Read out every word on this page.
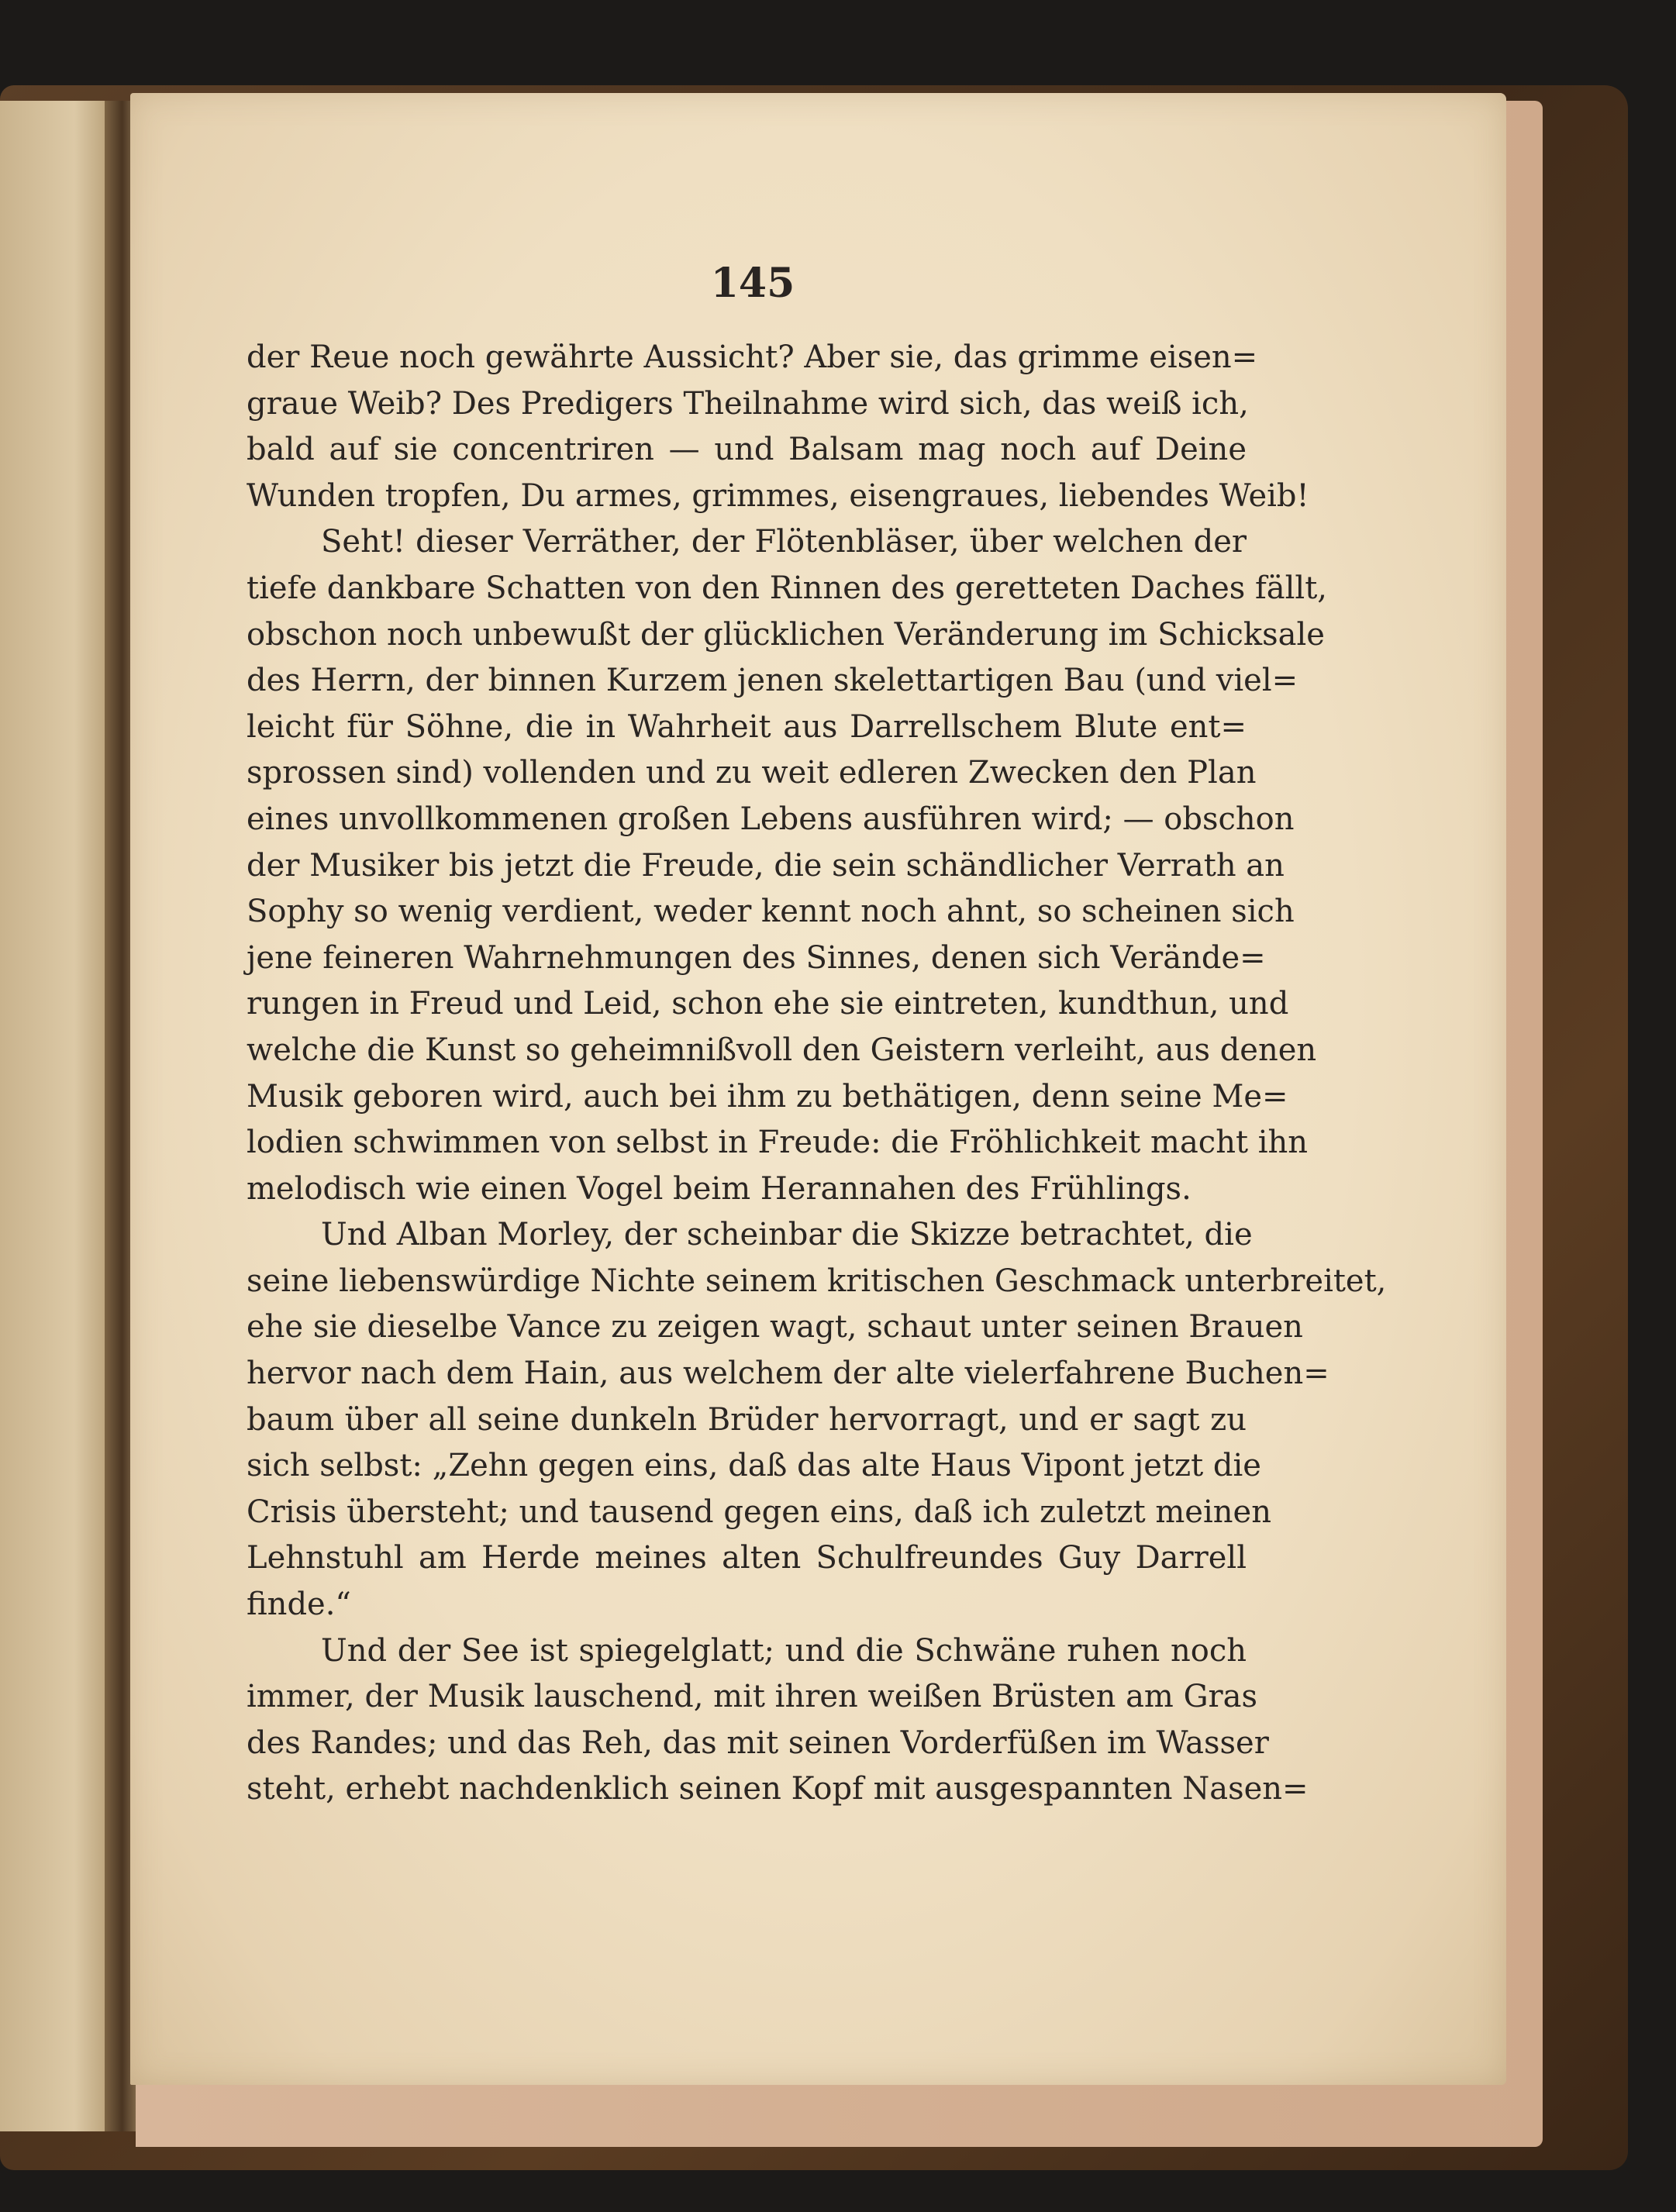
145

der Reue noch gewährte Aussicht? Aber sie, das grimme eisen=
graue Weib? Des Predigers Theilnahme wird sich, das weiß ich,
bald auf sie concentriren — und Balsam mag noch auf Deine
Wunden tropfen, Du armes, grimmes, eisengraues, liebendes Weib!
Seht! dieser Verräther, der Flötenbläser, über welchen der
tiefe dankbare Schatten von den Rinnen des geretteten Daches fällt,
obschon noch unbewußt der glücklichen Veränderung im Schicksale
des Herrn, der binnen Kurzem jenen skelettartigen Bau (und viel=
leicht für Söhne, die in Wahrheit aus Darrellschem Blute ent=
sprossen sind) vollenden und zu weit edleren Zwecken den Plan
eines unvollkommenen großen Lebens ausführen wird; — obschon
der Musiker bis jetzt die Freude, die sein schändlicher Verrath an
Sophy so wenig verdient, weder kennt noch ahnt, so scheinen sich
jene feineren Wahrnehmungen des Sinnes, denen sich Verände=
rungen in Freud und Leid, schon ehe sie eintreten, kundthun, und
welche die Kunst so geheimnißvoll den Geistern verleiht, aus denen
Musik geboren wird, auch bei ihm zu bethätigen, denn seine Me=
lodien schwimmen von selbst in Freude: die Fröhlichkeit macht ihn
melodisch wie einen Vogel beim Herannahen des Frühlings.
Und Alban Morley, der scheinbar die Skizze betrachtet, die
seine liebenswürdige Nichte seinem kritischen Geschmack unterbreitet,
ehe sie dieselbe Vance zu zeigen wagt, schaut unter seinen Brauen
hervor nach dem Hain, aus welchem der alte vielerfahrene Buchen=
baum über all seine dunkeln Brüder hervorragt, und er sagt zu
sich selbst: „Zehn gegen eins, daß das alte Haus Vipont jetzt die
Crisis übersteht; und tausend gegen eins, daß ich zuletzt meinen
Lehnstuhl am Herde meines alten Schulfreundes Guy Darrell
finde.“
Und der See ist spiegelglatt; und die Schwäne ruhen noch
immer, der Musik lauschend, mit ihren weißen Brüsten am Gras
des Randes; und das Reh, das mit seinen Vorderfüßen im Wasser
steht, erhebt nachdenklich seinen Kopf mit ausgespannten Nasen=
